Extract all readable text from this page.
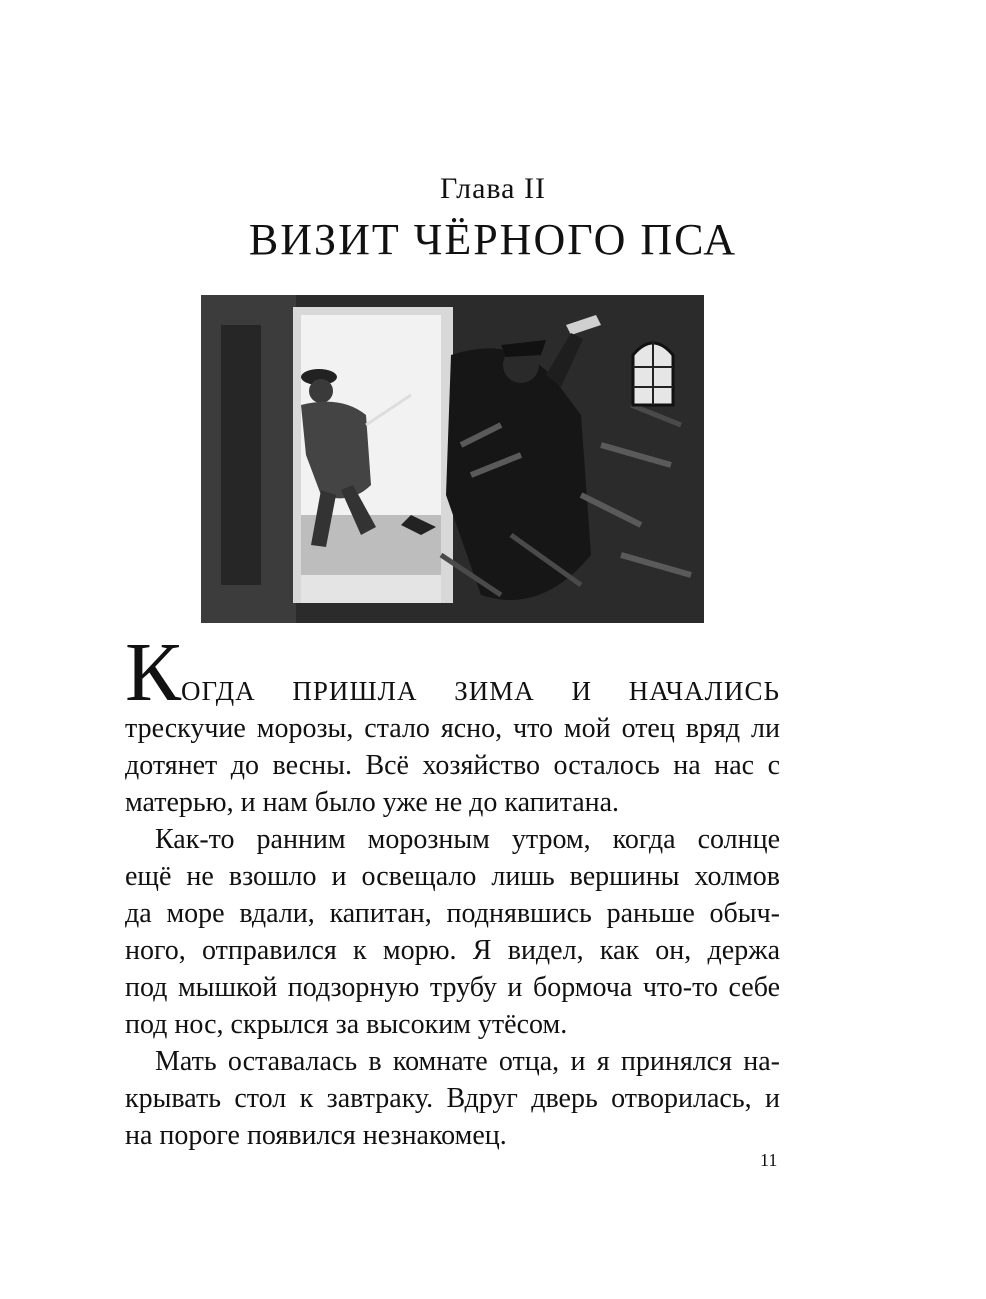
Глава II
ВИЗИТ ЧЁРНОГО ПСА
КОГДА ПРИШЛА ЗИМА И НАЧАЛИСЬ
трескучие морозы, стало ясно, что мой отец вряд ли
дотянет до весны. Всё хозяйство осталось на нас с
матерью, и нам было уже не до капитана.
Как-то ранним морозным утром, когда солнце
ещё не взошло и освещало лишь вершины холмов
да море вдали, капитан, поднявшись раньше обыч-
ного, отправился к морю. Я видел, как он, держа
под мышкой подзорную трубу и бормоча что-то себе
под нос, скрылся за высоким утёсом.
Мать оставалась в комнате отца, и я принялся на-
крывать стол к завтраку. Вдруг дверь отворилась, и
на пороге появился незнакомец.
11
